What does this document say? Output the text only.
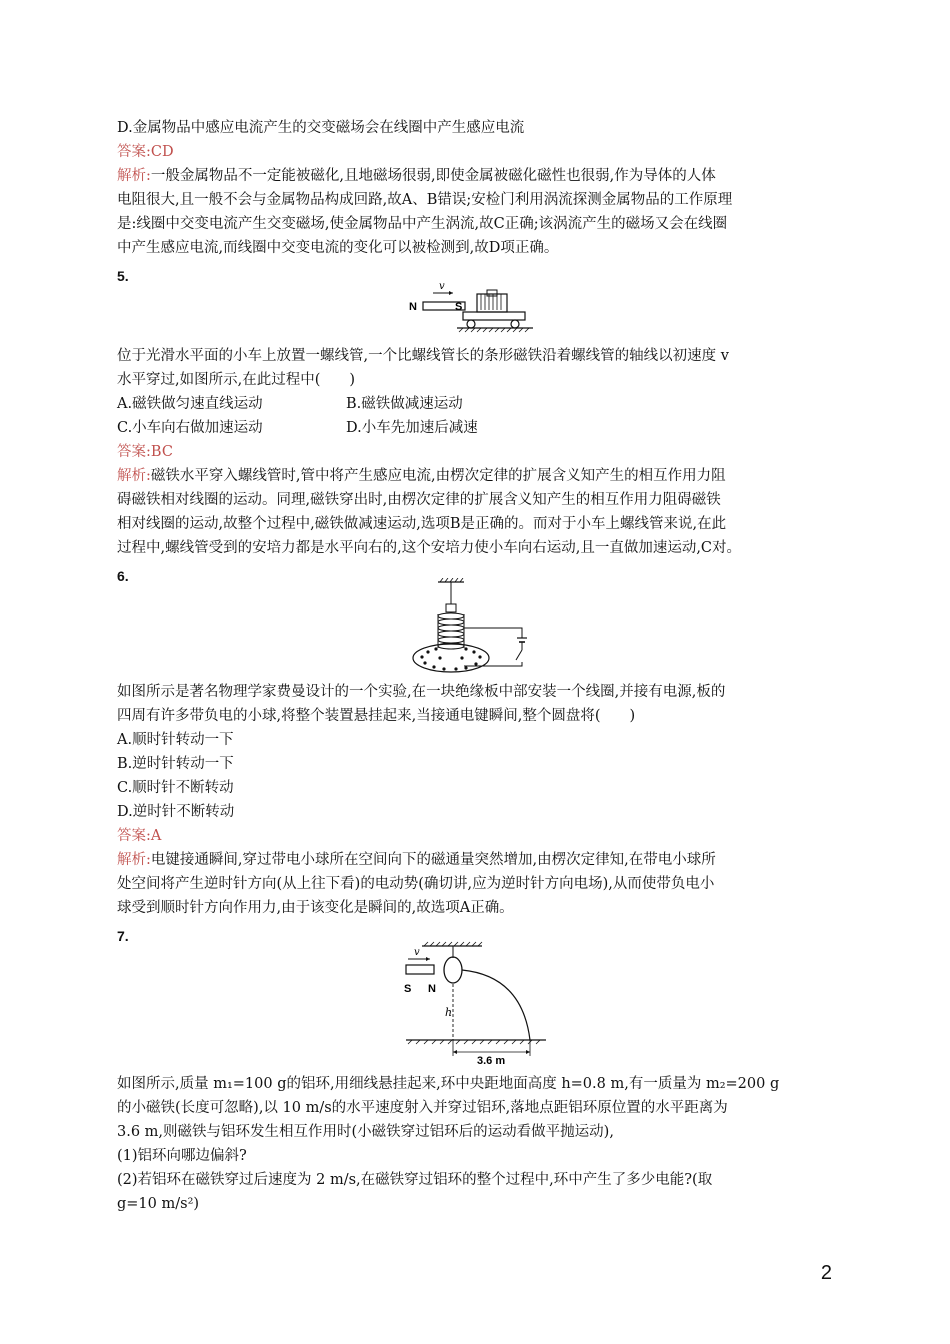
D.金属物品中感应电流产生的交变磁场会在线圈中产生感应电流
答案:CD
解析:一般金属物品不一定能被磁化,且地磁场很弱,即使金属被磁化磁性也很弱,作为导体的人体
电阻很大,且一般不会与金属物品构成回路,故A、B错误;安检门利用涡流探测金属物品的工作原理
是:线圈中交变电流产生交变磁场,使金属物品中产生涡流,故C正确;该涡流产生的磁场又会在线圈
中产生感应电流,而线圈中交变电流的变化可以被检测到,故D项正确。
5.
N	S
v
位于光滑水平面的小车上放置一螺线管,一个比螺线管长的条形磁铁沿着螺线管的轴线以初速度 v
水平穿过,如图所示,在此过程中(　　)
A.磁铁做匀速直线运动	B.磁铁做减速运动
C.小车向右做加速运动	D.小车先加速后减速
答案:BC
解析:磁铁水平穿入螺线管时,管中将产生感应电流,由楞次定律的扩展含义知产生的相互作用力阻
碍磁铁相对线圈的运动。同理,磁铁穿出时,由楞次定律的扩展含义知产生的相互作用力阻碍磁铁
相对线圈的运动,故整个过程中,磁铁做减速运动,选项B是正确的。而对于小车上螺线管来说,在此
过程中,螺线管受到的安培力都是水平向右的,这个安培力使小车向右运动,且一直做加速运动,C对。
6.
如图所示是著名物理学家费曼设计的一个实验,在一块绝缘板中部安装一个线圈,并接有电源,板的
四周有许多带负电的小球,将整个装置悬挂起来,当接通电键瞬间,整个圆盘将(　　)
A.顺时针转动一下
B.逆时针转动一下
C.顺时针不断转动
D.逆时针不断转动
答案:A
解析:电键接通瞬间,穿过带电小球所在空间向下的磁通量突然增加,由楞次定律知,在带电小球所
处空间将产生逆时针方向(从上往下看)的电动势(确切讲,应为逆时针方向电场),从而使带负电小
球受到顺时针方向作用力,由于该变化是瞬间的,故选项A正确。
7.
v
S N
h
3.6 m
如图所示,质量 m₁=100 g的铝环,用细线悬挂起来,环中央距地面高度 h=0.8 m,有一质量为 m₂=200 g
的小磁铁(长度可忽略),以 10 m/s的水平速度射入并穿过铝环,落地点距铝环原位置的水平距离为
3.6 m,则磁铁与铝环发生相互作用时(小磁铁穿过铝环后的运动看做平抛运动),
(1)铝环向哪边偏斜?
(2)若铝环在磁铁穿过后速度为 2 m/s,在磁铁穿过铝环的整个过程中,环中产生了多少电能?(取
g=10 m/s²)
2
